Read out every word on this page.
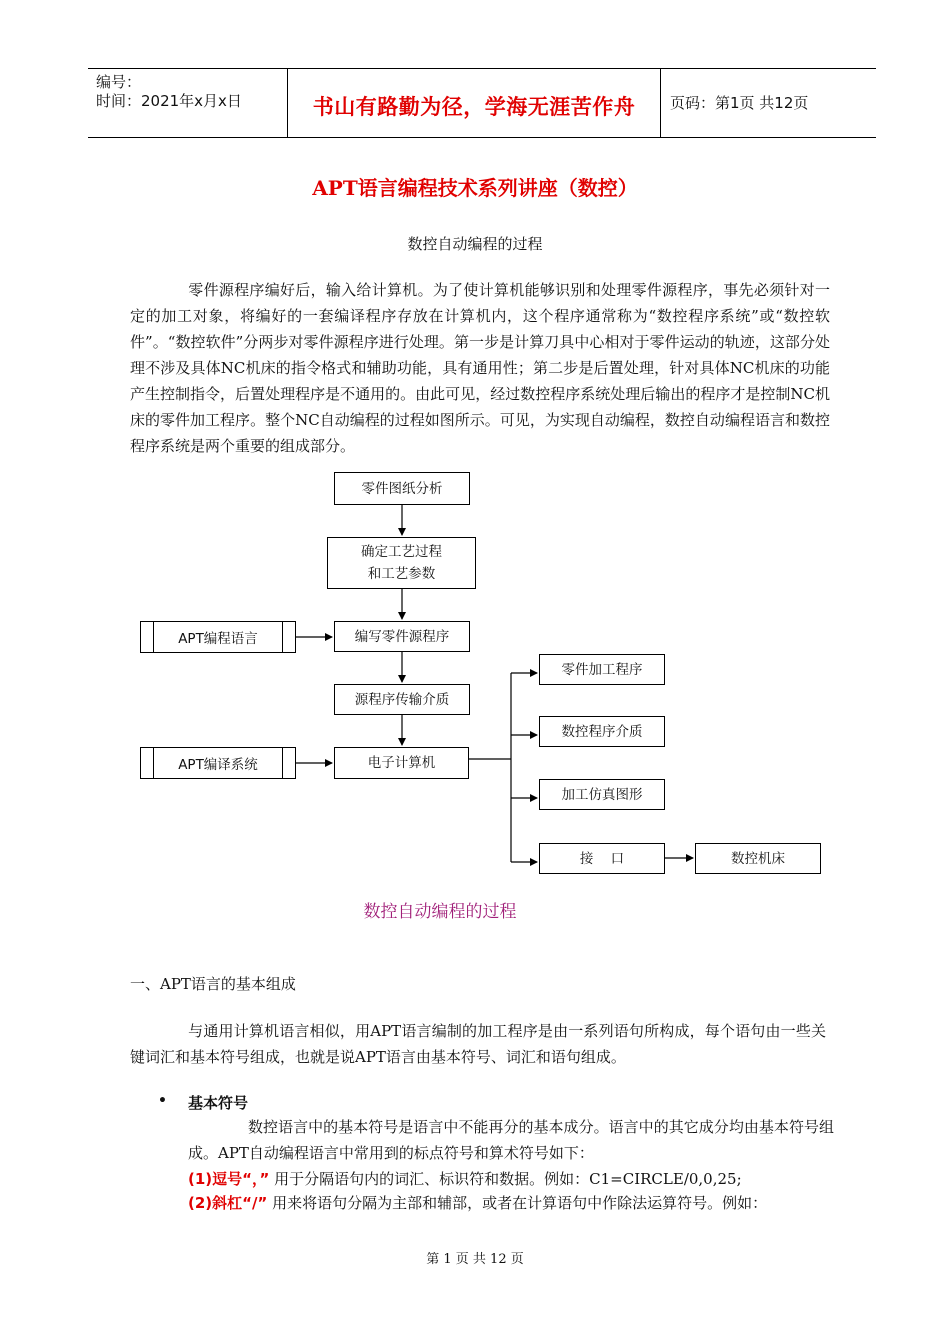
编号：
时间：2021年x月x日	书山有路勤为径，学海无涯苦作舟	页码：第1页 共12页
APT语言编程技术系列讲座（数控）
数控自动编程的过程
零件源程序编好后，输入给计算机。为了使计算机能够识别和处理零件源程序，事先必须针对一定的加工对象，将编好的一套编译程序存放在计算机内，这个程序通常称为“数控程序系统”或“数控软件”。“数控软件”分两步对零件源程序进行处理。第一步是计算刀具中心相对于零件运动的轨迹，这部分处理不涉及具体NC机床的指令格式和辅助功能，具有通用性；第二步是后置处理，针对具体NC机床的功能产生控制指令，后置处理程序是不通用的。由此可见，经过数控程序系统处理后输出的程序才是控制NC机床的零件加工程序。整个NC自动编程的过程如图所示。可见，为实现自动编程，数控自动编程语言和数控程序系统是两个重要的组成部分。
零件图纸分析
确定工艺过程
和工艺参数
APT编程语言	编写零件源程序
源程序传输介质
APT编译系统	电子计算机
零件加工程序
数控程序介质
加工仿真图形
接    口	数控机床
数控自动编程的过程
一、APT语言的基本组成
与通用计算机语言相似，用APT语言编制的加工程序是由一系列语句所构成，每个语句由一些关键词汇和基本符号组成，也就是说APT语言由基本符号、词汇和语句组成。
• 基本符号
数控语言中的基本符号是语言中不能再分的基本成分。语言中的其它成分均由基本符号组成。APT自动编程语言中常用到的标点符号和算术符号如下：
(1)逗号“，” 用于分隔语句内的词汇、标识符和数据。例如：C1=CIRCLE/0,0,25;
(2)斜杠“/” 用来将语句分隔为主部和辅部，或者在计算语句中作除法运算符号。例如：
第 1 页 共 12 页
